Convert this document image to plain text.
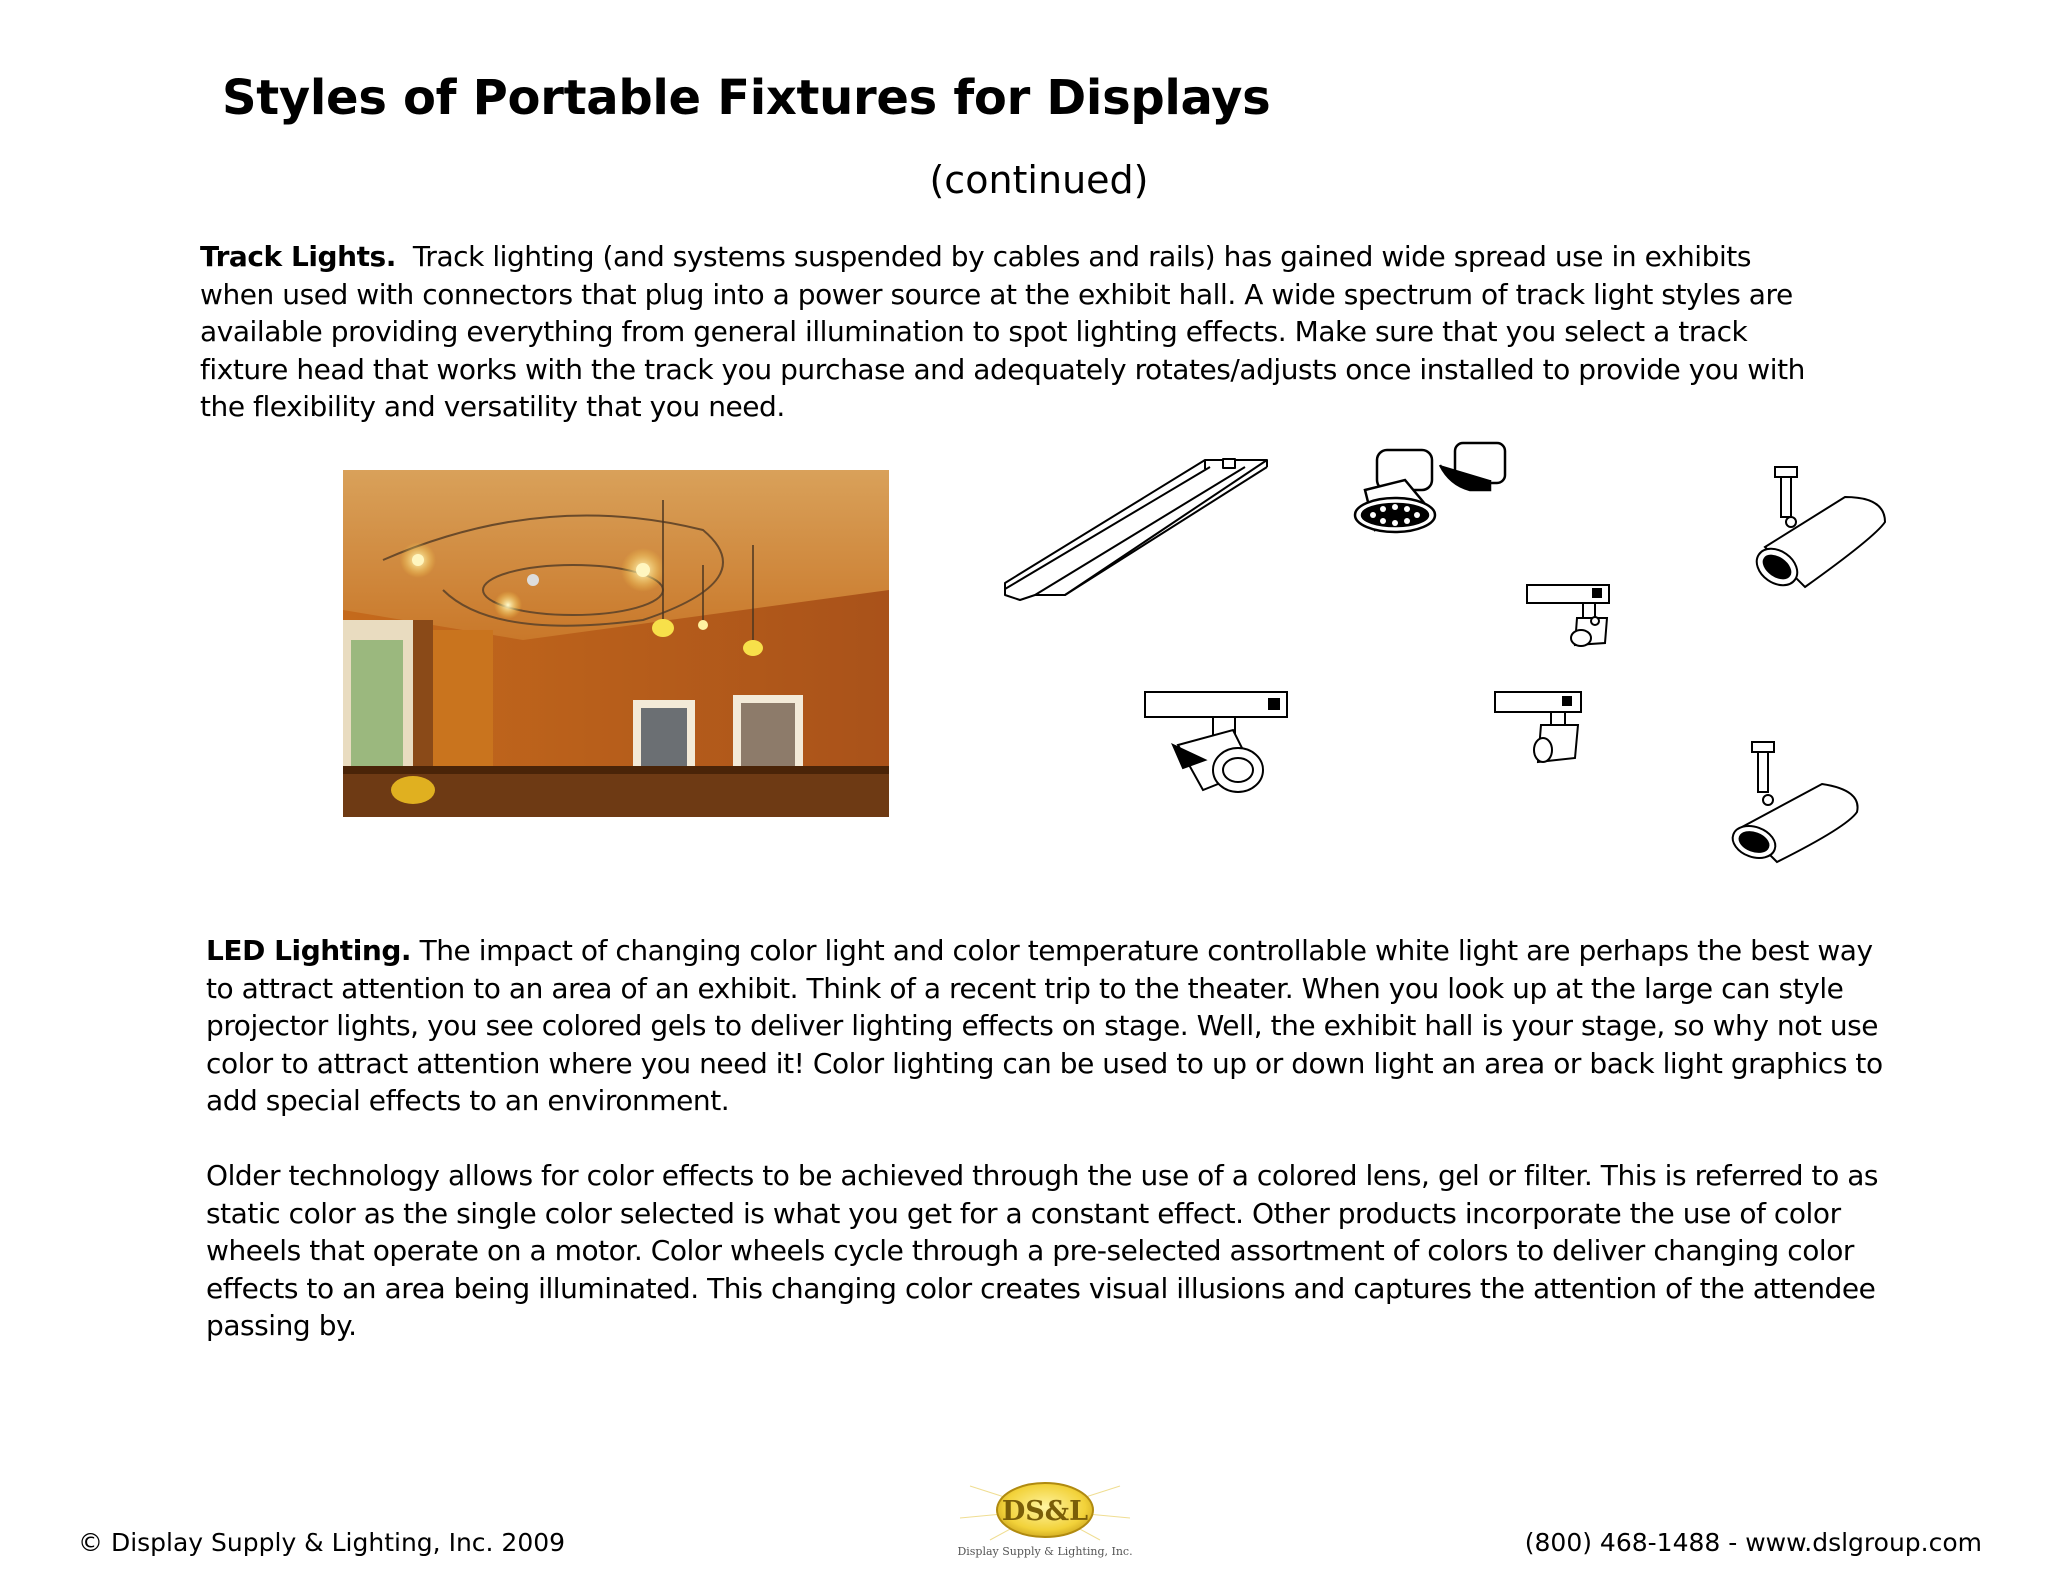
Styles of Portable Fixtures for Displays
(continued)

Track Lights. Track lighting (and systems suspended by cables and rails) has gained wide spread use in exhibits when used with connectors that plug into a power source at the exhibit hall. A wide spectrum of track light styles are available providing everything from general illumination to spot lighting effects. Make sure that you select a track fixture head that works with the track you purchase and adequately rotates/adjusts once installed to provide you with the flexibility and versatility that you need.

LED Lighting. The impact of changing color light and color temperature controllable white light are perhaps the best way to attract attention to an area of an exhibit. Think of a recent trip to the theater. When you look up at the large can style projector lights, you see colored gels to deliver lighting effects on stage. Well, the exhibit hall is your stage, so why not use color to attract attention where you need it! Color lighting can be used to up or down light an area or back light graphics to add special effects to an environment.

Older technology allows for color effects to be achieved through the use of a colored lens, gel or filter. This is referred to as static color as the single color selected is what you get for a constant effect. Other products incorporate the use of color wheels that operate on a motor. Color wheels cycle through a pre-selected assortment of colors to deliver changing color effects to an area being illuminated. This changing color creates visual illusions and captures the attention of the attendee passing by.

© Display Supply & Lighting, Inc. 2009
DS&L
Display Supply & Lighting, Inc.	(800) 468-1488 - www.dslgroup.com
